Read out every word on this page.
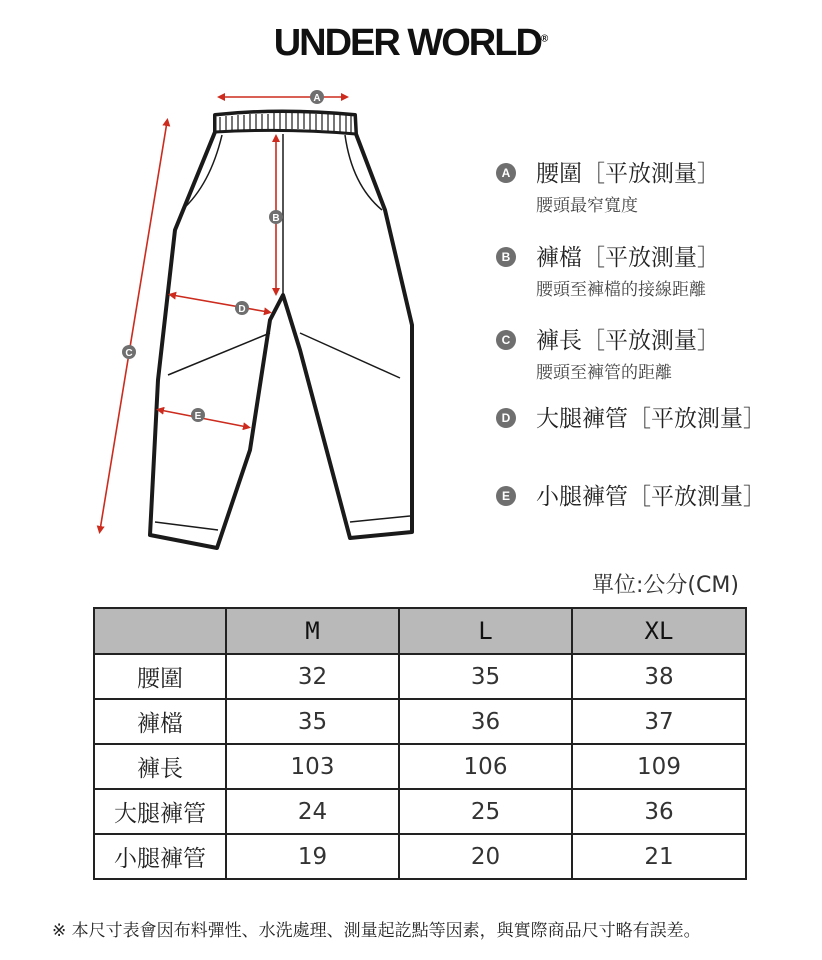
UNDER WORLD®
A
B
C
D
E
A 腰圍［平放測量］
腰頭最窄寬度
B 褲檔［平放測量］
腰頭至褲檔的接線距離
C 褲長［平放測量］
腰頭至褲管的距離
D 大腿褲管［平放測量］
E 小腿褲管［平放測量］
單位:公分(CM)
	M	L	XL
腰圍	32	35	38
褲檔	35	36	37
褲長	103	106	109
大腿褲管	24	25	36
小腿褲管	19	20	21
※ 本尺寸表會因布料彈性、水洗處理、測量起訖點等因素，與實際商品尺寸略有誤差。
